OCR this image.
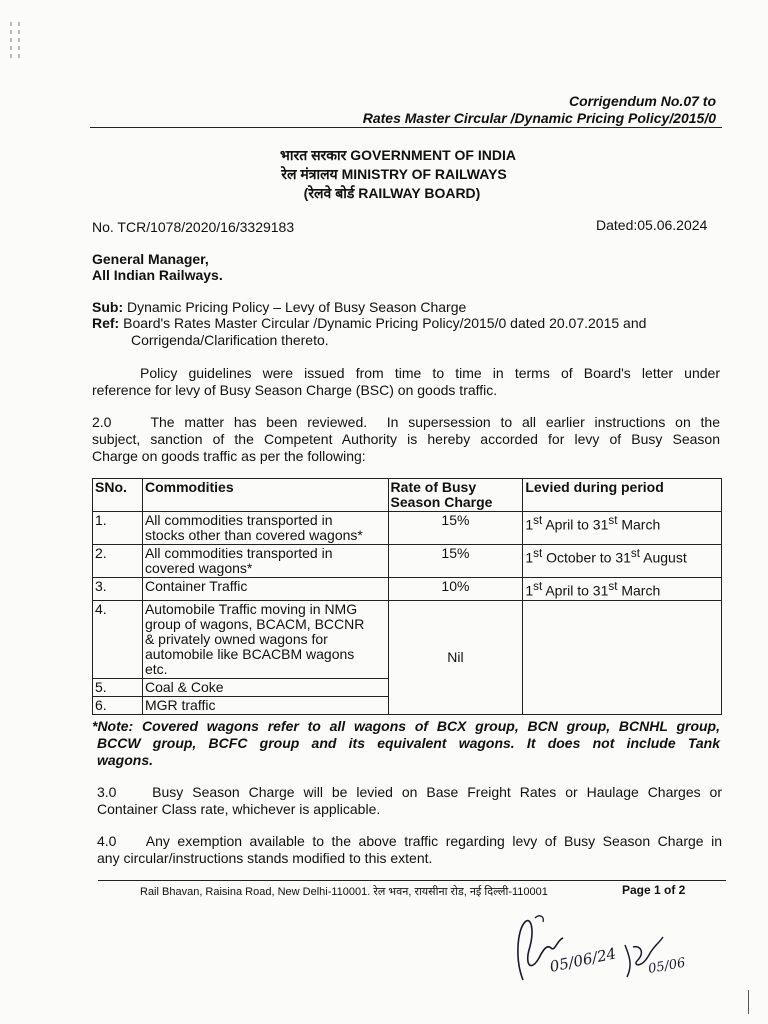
Corrigendum No.07 to
Rates Master Circular /Dynamic Pricing Policy/2015/0
भारत सरकार GOVERNMENT OF INDIA
रेल मंत्रालय MINISTRY OF RAILWAYS
(रेलवे बोर्ड RAILWAY BOARD)
No. TCR/1078/2020/16/3329183	Dated:05.06.2024
General Manager,
All Indian Railways.
Sub: Dynamic Pricing Policy – Levy of Busy Season Charge
Ref: Board's Rates Master Circular /Dynamic Pricing Policy/2015/0 dated 20.07.2015 and
Corrigenda/Clarification thereto.
Policy guidelines were issued from time to time in terms of Board's letter under
reference for levy of Busy Season Charge (BSC) on goods traffic.
2.0    The matter has been reviewed.  In supersession to all earlier instructions on the
subject, sanction of the Competent Authority is hereby accorded for levy of Busy Season
Charge on goods traffic as per the following:
SNo.	Commodities	Rate of Busy
Season Charge	Levied during period
1.	All commodities transported in
stocks other than covered wagons*	15%	1st April to 31st March
2.	All commodities transported in
covered wagons*	15%	1st October to 31st August
3.	Container Traffic	10%	1st April to 31st March
4.	Automobile Traffic moving in NMG
group of wagons, BCACM, BCCNR
& privately owned wagons for
automobile like BCACBM wagons
etc.	Nil	
5.	Coal & Coke		
6.	MGR traffic		
*Note: Covered wagons refer to all wagons of BCX group, BCN group, BCNHL group,
BCCW group, BCFC group and its equivalent wagons. It does not include Tank
wagons.
3.0    Busy Season Charge will be levied on Base Freight Rates or Haulage Charges or
Container Class rate, whichever is applicable.
4.0    Any exemption available to the above traffic regarding levy of Busy Season Charge in
any circular/instructions stands modified to this extent.
Rail Bhavan, Raisina Road, New Delhi-110001. रेल भवन, रायसीना रोड, नई दिल्ली-110001	Page 1 of 2
05/06/24 05/06
